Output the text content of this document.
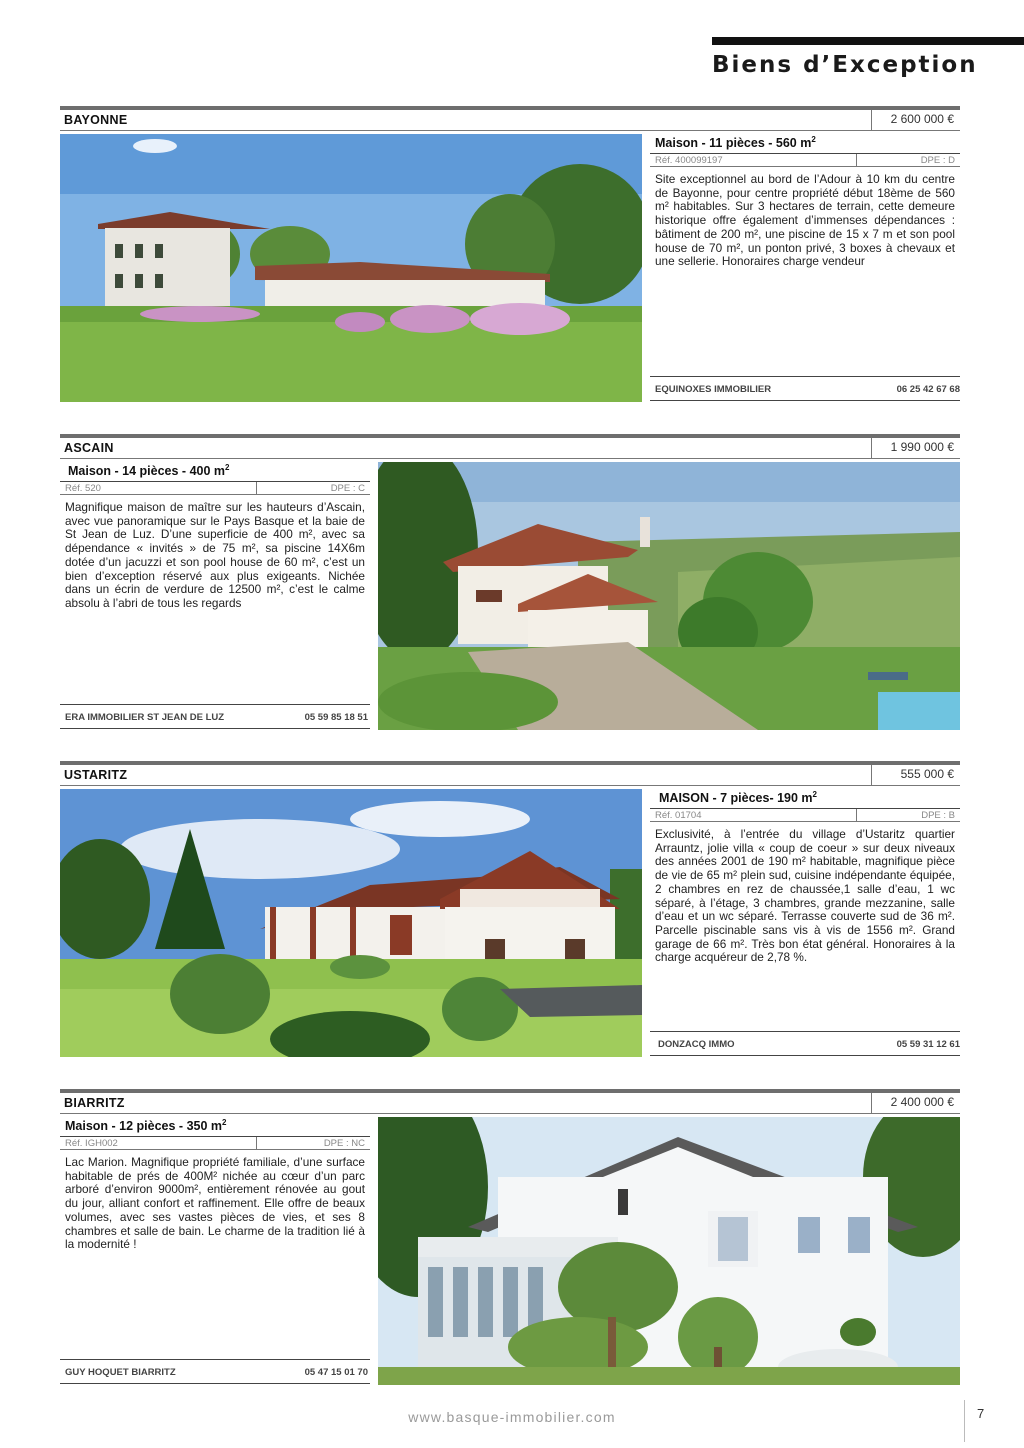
Biens d’Exception
BAYONNE	2 600 000 €
Maison - 11 pièces - 560 $m^2$
Réf. 400099197	DPE : D
Site exceptionnel au bord de l’Adour à 10 km du centre de Bayonne, pour centre propriété début 18ème de 560 m² habitables. Sur 3 hectares de terrain, cette demeure historique offre également d’immenses dépendances : bâtiment de 200 m², une piscine de 15 x 7 m et son pool house de 70 m², un ponton privé, 3 boxes à chevaux et une sellerie. Honoraires charge vendeur
EQUINOXES IMMOBILIER	06 25 42 67 68
ASCAIN	1 990 000 €
Maison - 14 pièces - 400 $m^2$
Réf. 520	DPE : C
Magnifique maison de maître sur les hauteurs d’Ascain, avec vue panoramique sur le Pays Basque et la baie de St Jean de Luz. D’une superficie de 400 m², avec sa dépendance « invités » de 75 m², sa piscine 14X6m dotée d’un jacuzzi et son pool house de 60 m², c’est un bien d’exception réservé aux plus exigeants. Nichée dans un écrin de verdure de 12500 m², c’est le calme absolu à l’abri de tous les regards
ERA IMMOBILIER ST JEAN DE LUZ	05 59 85 18 51
USTARITZ	555 000 €
MAISON - 7 pièces- 190 $m^2$
Réf. 01704	DPE : B
Exclusivité, à l’entrée du village d’Ustaritz quartier Arrauntz, jolie villa « coup de coeur » sur deux niveaux des années 2001 de 190 m² habitable, magnifique pièce de vie de 65 m² plein sud, cuisine indépendante équipée, 2 chambres en rez de chaussée,1 salle d’eau, 1 wc séparé, à l’étage, 3 chambres, grande mezzanine, salle d’eau et un wc séparé. Terrasse couverte sud de 36 m². Parcelle piscinable sans vis à vis de 1556 m². Grand garage de 66 m². Très bon état général. Honoraires à la charge acquéreur de 2,78 %.
DONZACQ IMMO	05 59 31 12 61
BIARRITZ	2 400 000 €
Maison - 12 pièces - 350 $m^2$
Réf. IGH002	DPE : NC
Lac Marion. Magnifique propriété familiale, d’une surface habitable de prés de 400M² nichée au cœur d’un parc arboré d’environ 9000m², entièrement rénovée au gout du jour, alliant confort et raffinement. Elle offre de beaux volumes, avec ses vastes pièces de vies, et ses 8 chambres et salle de bain. Le charme de la tradition lié à la modernité !
GUY HOQUET BIARRITZ	05 47 15 01 70
www.basque-immobilier.com	7
